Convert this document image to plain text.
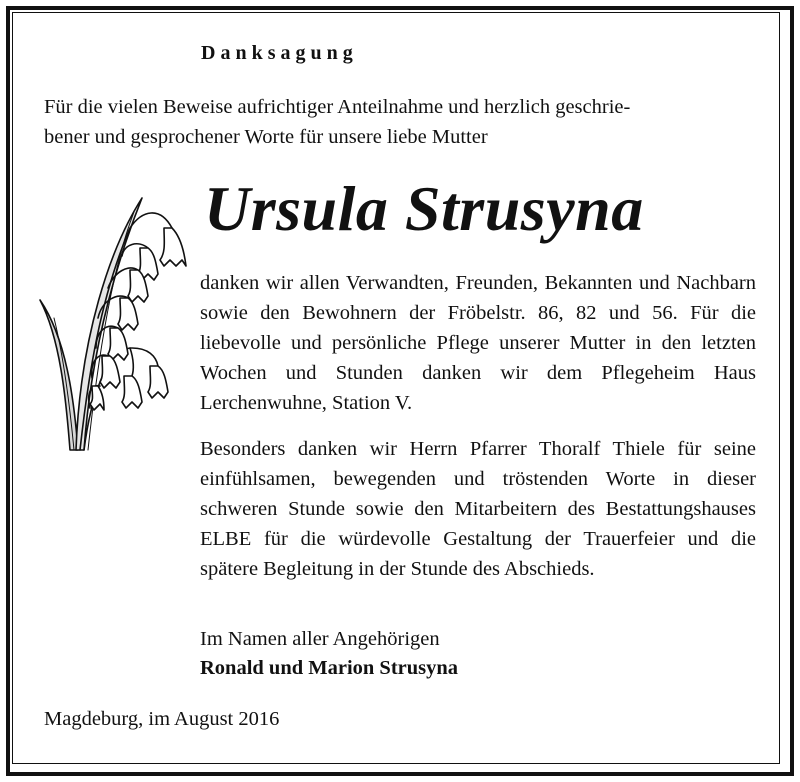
Danksagung
Für die vielen Beweise aufrichtiger Anteilnahme und herzlich geschrie-
bener und gesprochener Worte für unsere liebe Mutter
Ursula Strusyna

danken wir allen Verwandten, Freunden, Bekannten und Nachbarn sowie den Bewohnern der Fröbelstr. 86, 82 und 56. Für die liebevolle und persönliche Pflege unserer Mutter in den letzten Wochen und Stunden danken wir dem Pflegeheim Haus Lerchenwuhne, Station V.

Besonders danken wir Herrn Pfarrer Thoralf Thiele für seine einfühlsamen, bewegenden und tröstenden Worte in dieser schweren Stunde sowie den Mitarbeitern des Bestattungshauses ELBE für die würdevolle Gestaltung der Trauerfeier und die spätere Begleitung in der Stunde des Abschieds.

Im Namen aller Angehörigen
Ronald und Marion Strusyna
Magdeburg, im August 2016
